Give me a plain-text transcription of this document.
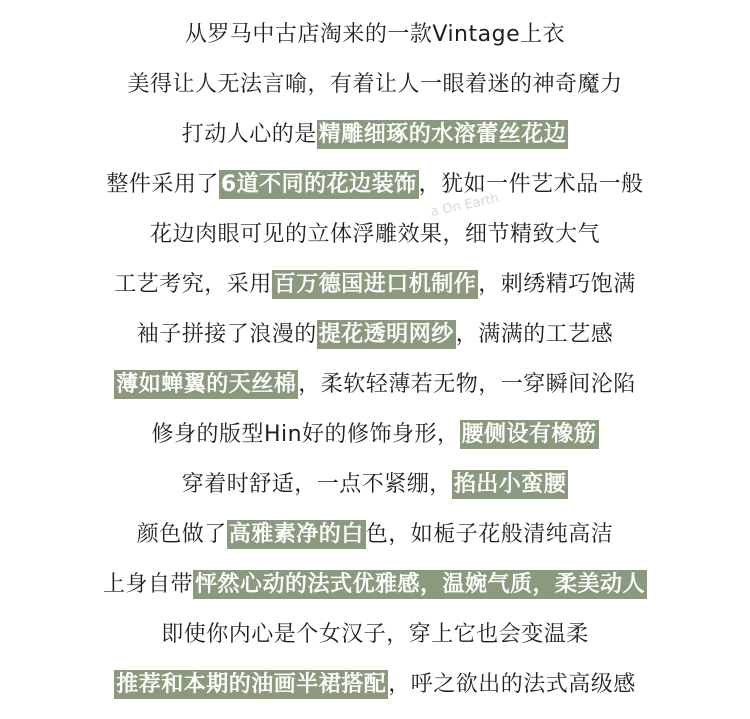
从罗马中古店淘来的一款Vintage上衣
美得让人无法言喻，有着让人一眼着迷的神奇魔力
打动人心的是精雕细琢的水溶蕾丝花边
整件采用了6道不同的花边装饰，犹如一件艺术品一般
花边肉眼可见的立体浮雕效果，细节精致大气
工艺考究，采用百万德国进口机制作，刺绣精巧饱满
袖子拼接了浪漫的提花透明网纱，满满的工艺感
薄如蝉翼的天丝棉，柔软轻薄若无物，一穿瞬间沦陷
修身的版型Hin好的修饰身形，腰侧设有橡筋
穿着时舒适，一点不紧绷，掐出小蛮腰
颜色做了高雅素净的白色，如栀子花般清纯高洁
上身自带怦然心动的法式优雅感，温婉气质，柔美动人
即使你内心是个女汉子，穿上它也会变温柔
推荐和本期的油画半裙搭配，呼之欲出的法式高级感
a On Earth
